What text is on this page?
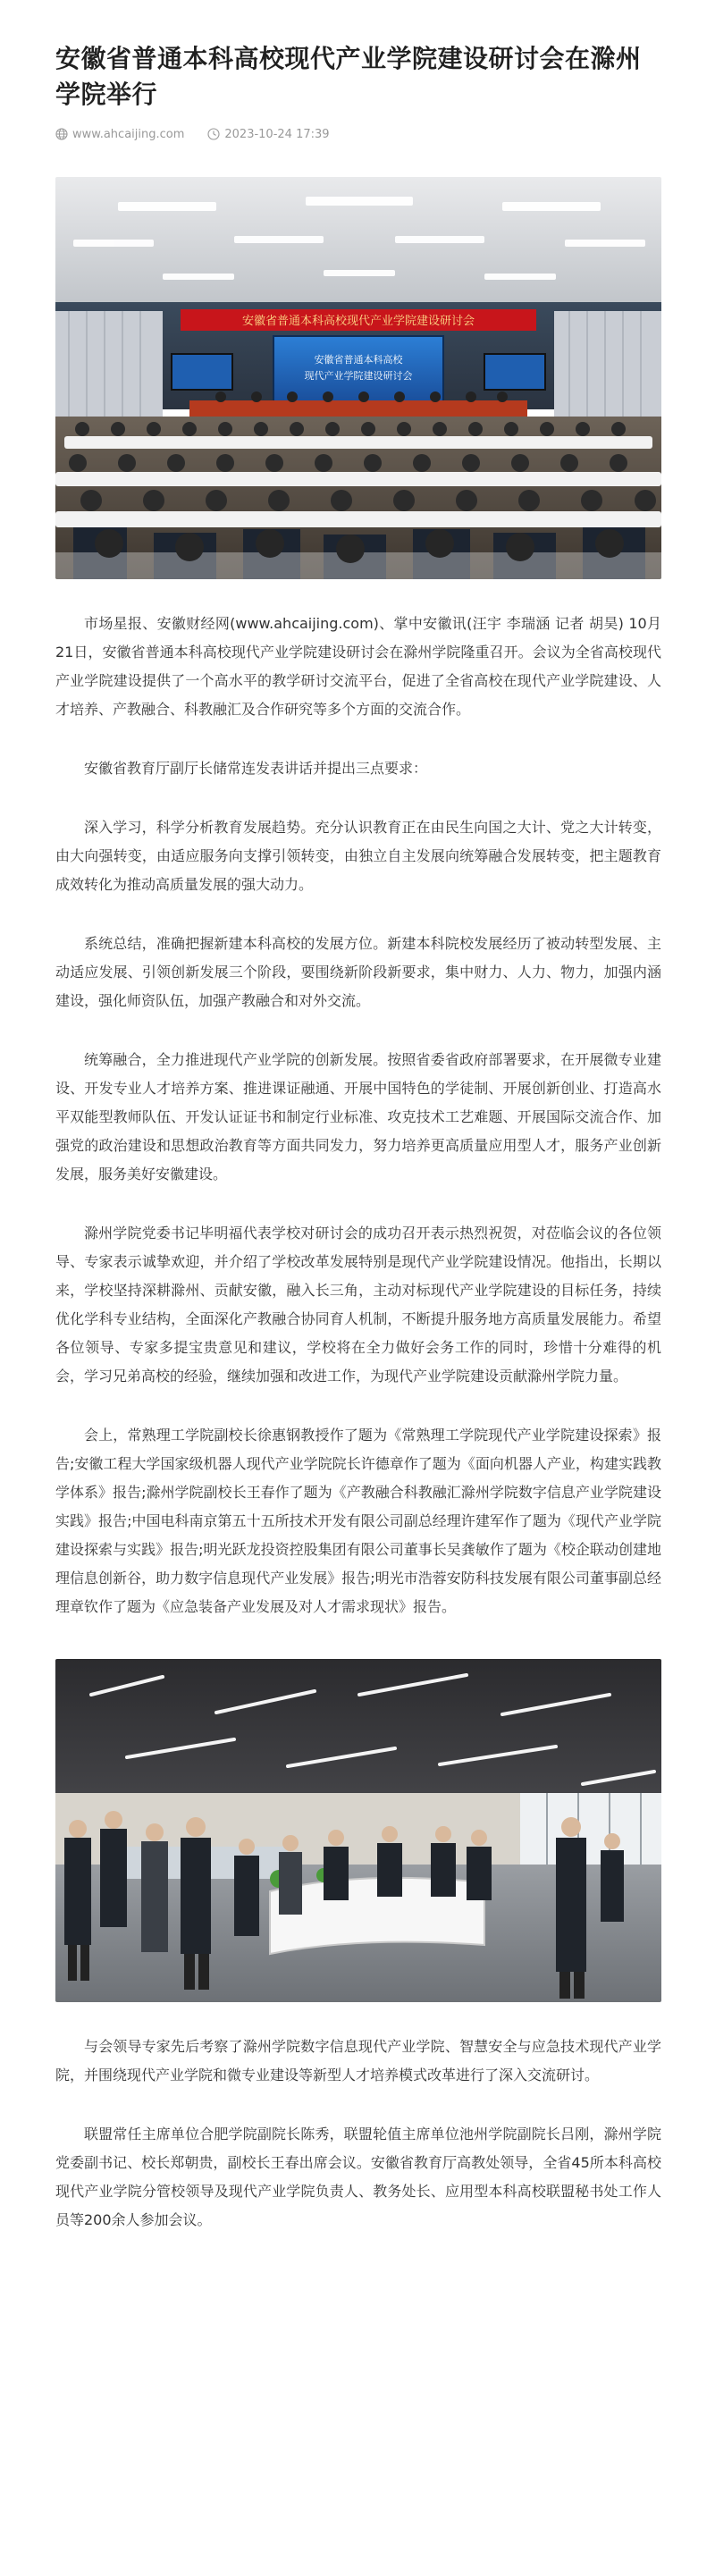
安徽省普通本科高校现代产业学院建设研讨会在滁州学院举行
www.ahcaijing.com	2023-10-24 17:39
安徽省普通本科高校现代产业学院建设研讨会
安徽省普通本科高校
现代产业学院建设研讨会

市场星报、安徽财经网(www.ahcaijing.com)、掌中安徽讯(汪宇 李瑞涵 记者 胡昊) 10月21日，安徽省普通本科高校现代产业学院建设研讨会在滁州学院隆重召开。会议为全省高校现代产业学院建设提供了一个高水平的教学研讨交流平台，促进了全省高校在现代产业学院建设、人才培养、产教融合、科教融汇及合作研究等多个方面的交流合作。

安徽省教育厅副厅长储常连发表讲话并提出三点要求：

深入学习，科学分析教育发展趋势。充分认识教育正在由民生向国之大计、党之大计转变，由大向强转变，由适应服务向支撑引领转变，由独立自主发展向统筹融合发展转变，把主题教育成效转化为推动高质量发展的强大动力。

系统总结，准确把握新建本科高校的发展方位。新建本科院校发展经历了被动转型发展、主动适应发展、引领创新发展三个阶段，要围绕新阶段新要求，集中财力、人力、物力，加强内涵建设，强化师资队伍，加强产教融合和对外交流。

统筹融合，全力推进现代产业学院的创新发展。按照省委省政府部署要求，在开展微专业建设、开发专业人才培养方案、推进课证融通、开展中国特色的学徒制、开展创新创业、打造高水平双能型教师队伍、开发认证证书和制定行业标准、攻克技术工艺难题、开展国际交流合作、加强党的政治建设和思想政治教育等方面共同发力，努力培养更高质量应用型人才，服务产业创新发展，服务美好安徽建设。

滁州学院党委书记毕明福代表学校对研讨会的成功召开表示热烈祝贺，对莅临会议的各位领导、专家表示诚挚欢迎，并介绍了学校改革发展特别是现代产业学院建设情况。他指出，长期以来，学校坚持深耕滁州、贡献安徽，融入长三角，主动对标现代产业学院建设的目标任务，持续优化学科专业结构，全面深化产教融合协同育人机制，不断提升服务地方高质量发展能力。希望各位领导、专家多提宝贵意见和建议，学校将在全力做好会务工作的同时，珍惜十分难得的机会，学习兄弟高校的经验，继续加强和改进工作，为现代产业学院建设贡献滁州学院力量。

会上，常熟理工学院副校长徐惠钢教授作了题为《常熟理工学院现代产业学院建设探索》报告;安徽工程大学国家级机器人现代产业学院院长许德章作了题为《面向机器人产业，构建实践教学体系》报告;滁州学院副校长王春作了题为《产教融合科教融汇滁州学院数字信息产业学院建设实践》报告;中国电科南京第五十五所技术开发有限公司副总经理许建军作了题为《现代产业学院建设探索与实践》报告;明光跃龙投资控股集团有限公司董事长吴龚敏作了题为《校企联动创建地理信息创新谷，助力数字信息现代产业发展》报告;明光市浩蓉安防科技发展有限公司董事副总经理章钦作了题为《应急装备产业发展及对人才需求现状》报告。

与会领导专家先后考察了滁州学院数字信息现代产业学院、智慧安全与应急技术现代产业学院，并围绕现代产业学院和微专业建设等新型人才培养模式改革进行了深入交流研讨。

联盟常任主席单位合肥学院副院长陈秀，联盟轮值主席单位池州学院副院长吕刚，滁州学院党委副书记、校长郑朝贵，副校长王春出席会议。安徽省教育厅高教处领导，全省45所本科高校现代产业学院分管校领导及现代产业学院负责人、教务处长、应用型本科高校联盟秘书处工作人员等200余人参加会议。
